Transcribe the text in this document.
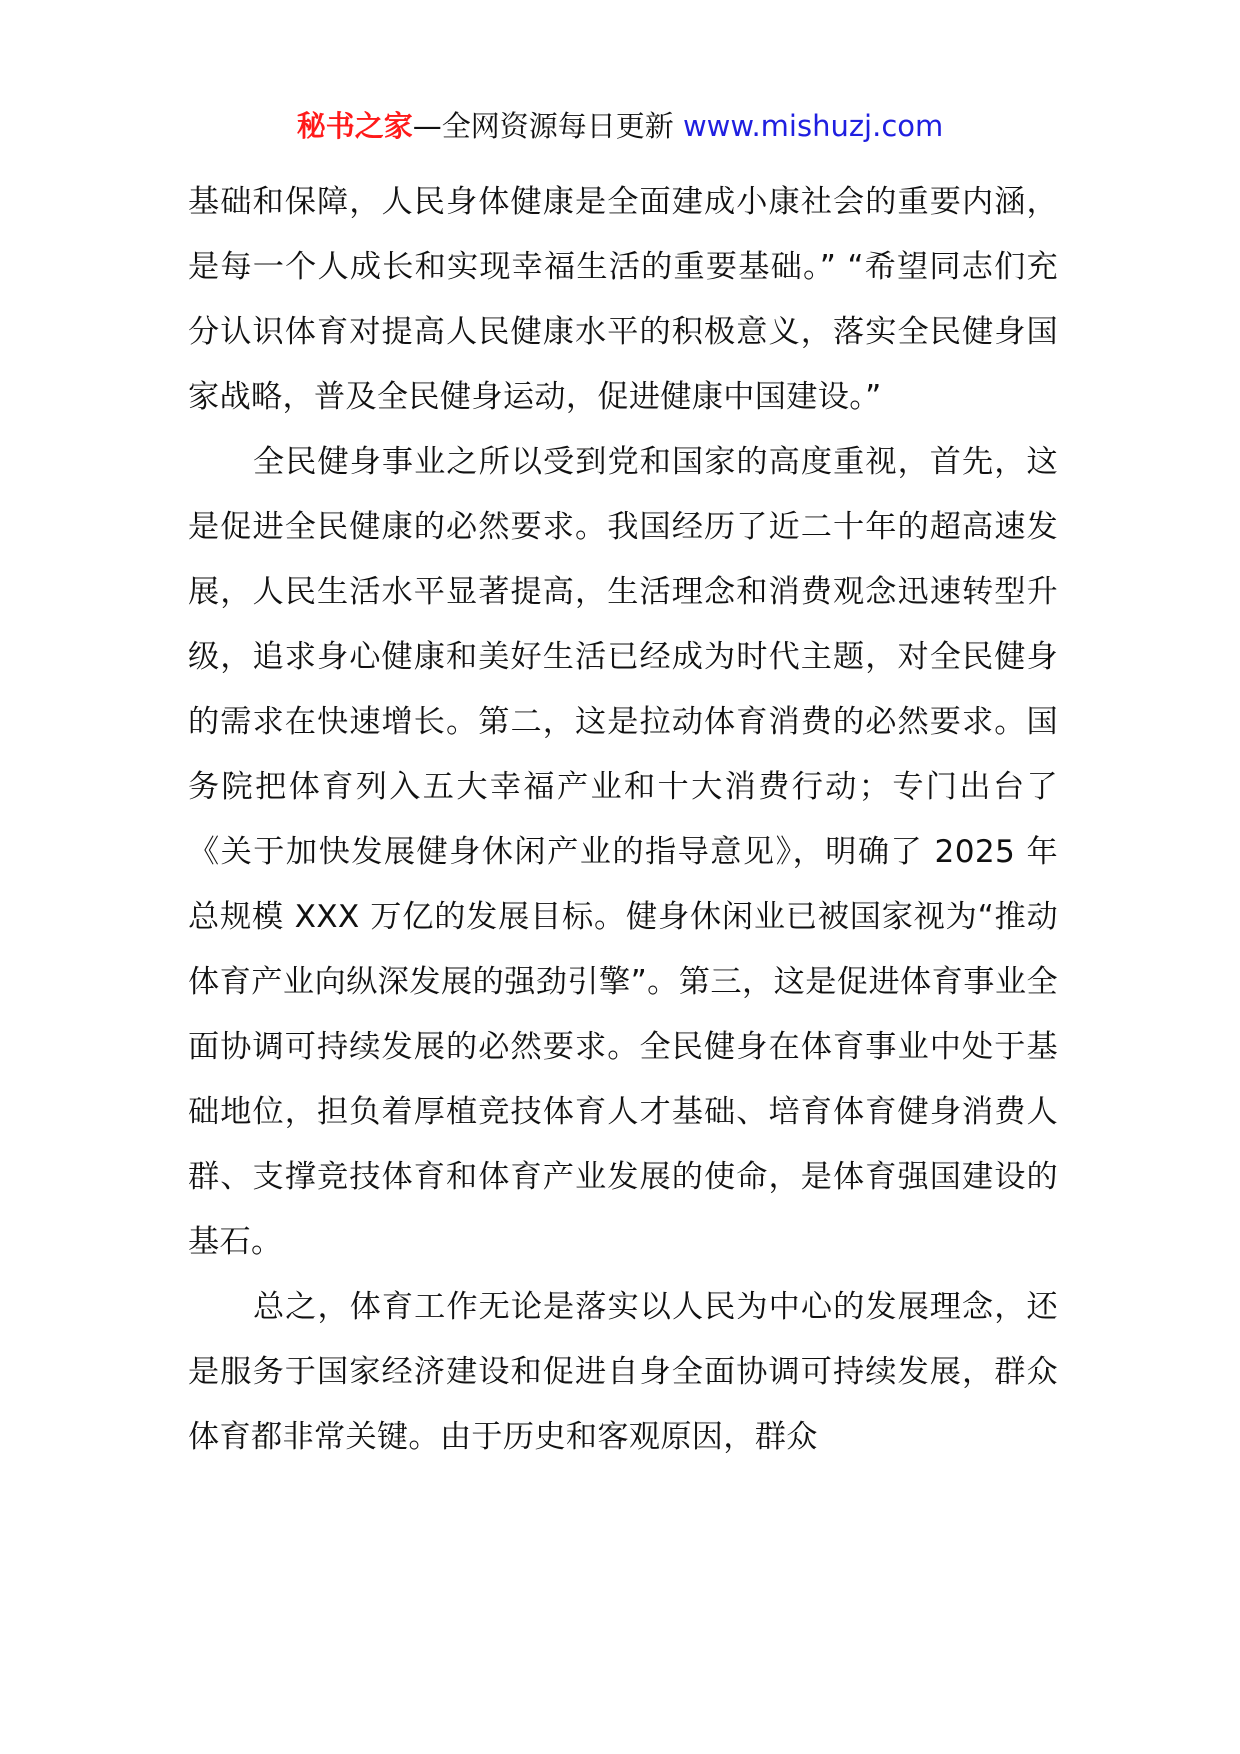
秘书之家—全网资源每日更新 www.mishuzj.com

基础和保障，人民身体健康是全面建成小康社会的重要内涵，是每一个人成长和实现幸福生活的重要基础。” “希望同志们充分认识体育对提高人民健康水平的积极意义，落实全民健身国家战略，普及全民健身运动，促进健康中国建设。”

全民健身事业之所以受到党和国家的高度重视，首先，这是促进全民健康的必然要求。我国经历了近二十年的超高速发展，人民生活水平显著提高，生活理念和消费观念迅速转型升级，追求身心健康和美好生活已经成为时代主题，对全民健身的需求在快速增长。第二，这是拉动体育消费的必然要求。国务院把体育列入五大幸福产业和十大消费行动；专门出台了《关于加快发展健身休闲产业的指导意见》，明确了 2025 年总规模 XXX 万亿的发展目标。健身休闲业已被国家视为“推动体育产业向纵深发展的强劲引擎”。第三，这是促进体育事业全面协调可持续发展的必然要求。全民健身在体育事业中处于基础地位，担负着厚植竞技体育人才基础、培育体育健身消费人群、支撑竞技体育和体育产业发展的使命，是体育强国建设的基石。

总之，体育工作无论是落实以人民为中心的发展理念，还是服务于国家经济建设和促进自身全面协调可持续发展，群众体育都非常关键。由于历史和客观原因，群众
